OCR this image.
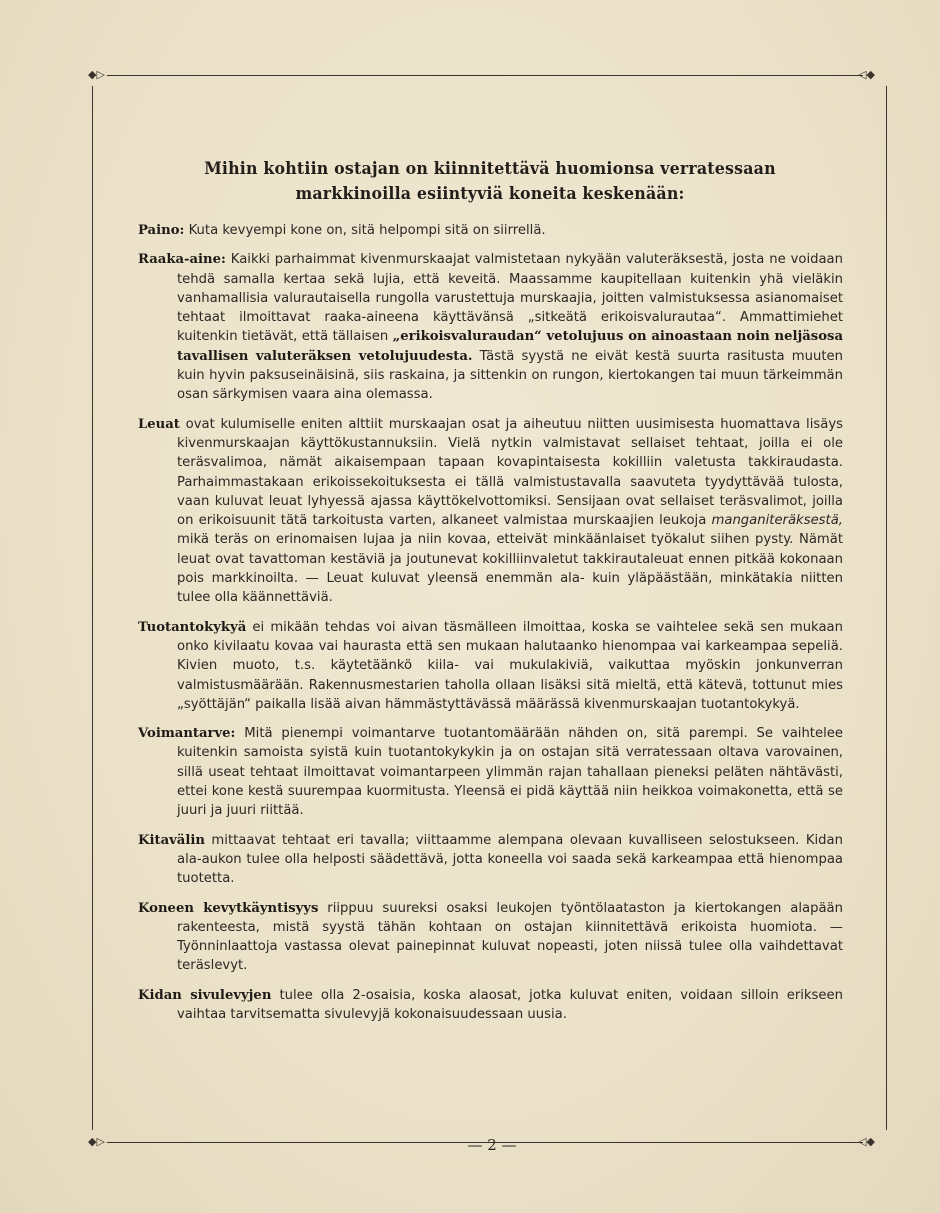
◆▷	◁◆
◆▷	◁◆
Mihin kohtiin ostajan on kiinnitettävä huomionsa verratessaan markkinoilla esiintyviä koneita keskenään:

Paino: Kuta kevyempi kone on, sitä helpompi sitä on siirrellä.

Raaka-aine: Kaikki parhaimmat kivenmurskaajat valmistetaan nykyään valuteräksestä, josta ne voidaan tehdä samalla kertaa sekä lujia, että keveitä. Maassamme kaupitellaan kuitenkin yhä vieläkin vanhamallisia valurautaisella rungolla varustettuja murskaajia, joitten valmistuksessa asianomaiset tehtaat ilmoittavat raaka-aineena käyttävänsä „sitkeätä erikoisvalurautaa“. Ammattimiehet kuitenkin tietävät, että tällaisen „erikoisvaluraudan“ vetolujuus on ainoastaan noin neljäsosa tavallisen valuteräksen vetolujuudesta. Tästä syystä ne eivät kestä suurta rasitusta muuten kuin hyvin paksuseinäisinä, siis raskaina, ja sittenkin on rungon, kiertokangen tai muun tärkeimmän osan särkymisen vaara aina olemassa.

Leuat ovat kulumiselle eniten alttiit murskaajan osat ja aiheutuu niitten uusimisesta huomattava lisäys kivenmurskaajan käyttökustannuksiin. Vielä nytkin valmistavat sellaiset tehtaat, joilla ei ole teräsvalimoa, nämät aikaisempaan tapaan kovapintaisesta kokilliin valetusta takkiraudasta. Parhaimmastakaan erikoissekoituksesta ei tällä valmistustavalla saavuteta tyydyttävää tulosta, vaan kuluvat leuat lyhyessä ajassa käyttökelvottomiksi. Sensijaan ovat sellaiset teräsvalimot, joilla on erikoisuunit tätä tarkoitusta varten, alkaneet valmistaa murskaajien leukoja manganiteräksestä, mikä teräs on erinomaisen lujaa ja niin kovaa, etteivät minkäänlaiset työkalut siihen pysty. Nämät leuat ovat tavattoman kestäviä ja joutunevat kokilliinvaletut takkirautaleuat ennen pitkää kokonaan pois markkinoilta. — Leuat kuluvat yleensä enemmän ala- kuin yläpäästään, minkätakia niitten tulee olla käännettäviä.

Tuotantokykyä ei mikään tehdas voi aivan täsmälleen ilmoittaa, koska se vaihtelee sekä sen mukaan onko kivilaatu kovaa vai haurasta että sen mukaan halutaanko hienompaa vai karkeampaa sepeliä. Kivien muoto, t.s. käytetäänkö kiila- vai mukulakiviä, vaikuttaa myöskin jonkunverran valmistusmäärään. Rakennusmestarien taholla ollaan lisäksi sitä mieltä, että kätevä, tottunut mies „syöttäjän“ paikalla lisää aivan hämmästyttävässä määrässä kivenmurskaajan tuotantokykyä.

Voimantarve: Mitä pienempi voimantarve tuotantomäärään nähden on, sitä parempi. Se vaihtelee kuitenkin samoista syistä kuin tuotantokykykin ja on ostajan sitä verratessaan oltava varovainen, sillä useat tehtaat ilmoittavat voimantarpeen ylimmän rajan tahallaan pieneksi peläten nähtävästi, ettei kone kestä suurempaa kuormitusta. Yleensä ei pidä käyttää niin heikkoa voimakonetta, että se juuri ja juuri riittää.

Kitavälin mittaavat tehtaat eri tavalla; viittaamme alempana olevaan kuvalliseen selostukseen. Kidan ala-aukon tulee olla helposti säädettävä, jotta koneella voi saada sekä karkeampaa että hienompaa tuotetta.

Koneen kevytkäyntisyys riippuu suureksi osaksi leukojen työntölaataston ja kiertokangen alapään rakenteesta, mistä syystä tähän kohtaan on ostajan kiinnitettävä erikoista huomiota. — Työnninlaattoja vastassa olevat painepinnat kuluvat nopeasti, joten niissä tulee olla vaihdettavat teräslevyt.

Kidan sivulevyjen tulee olla 2-osaisia, koska alaosat, jotka kuluvat eniten, voidaan silloin erikseen vaihtaa tarvitsematta sivulevyjä kokonaisuudessaan uusia.

— 2 —
